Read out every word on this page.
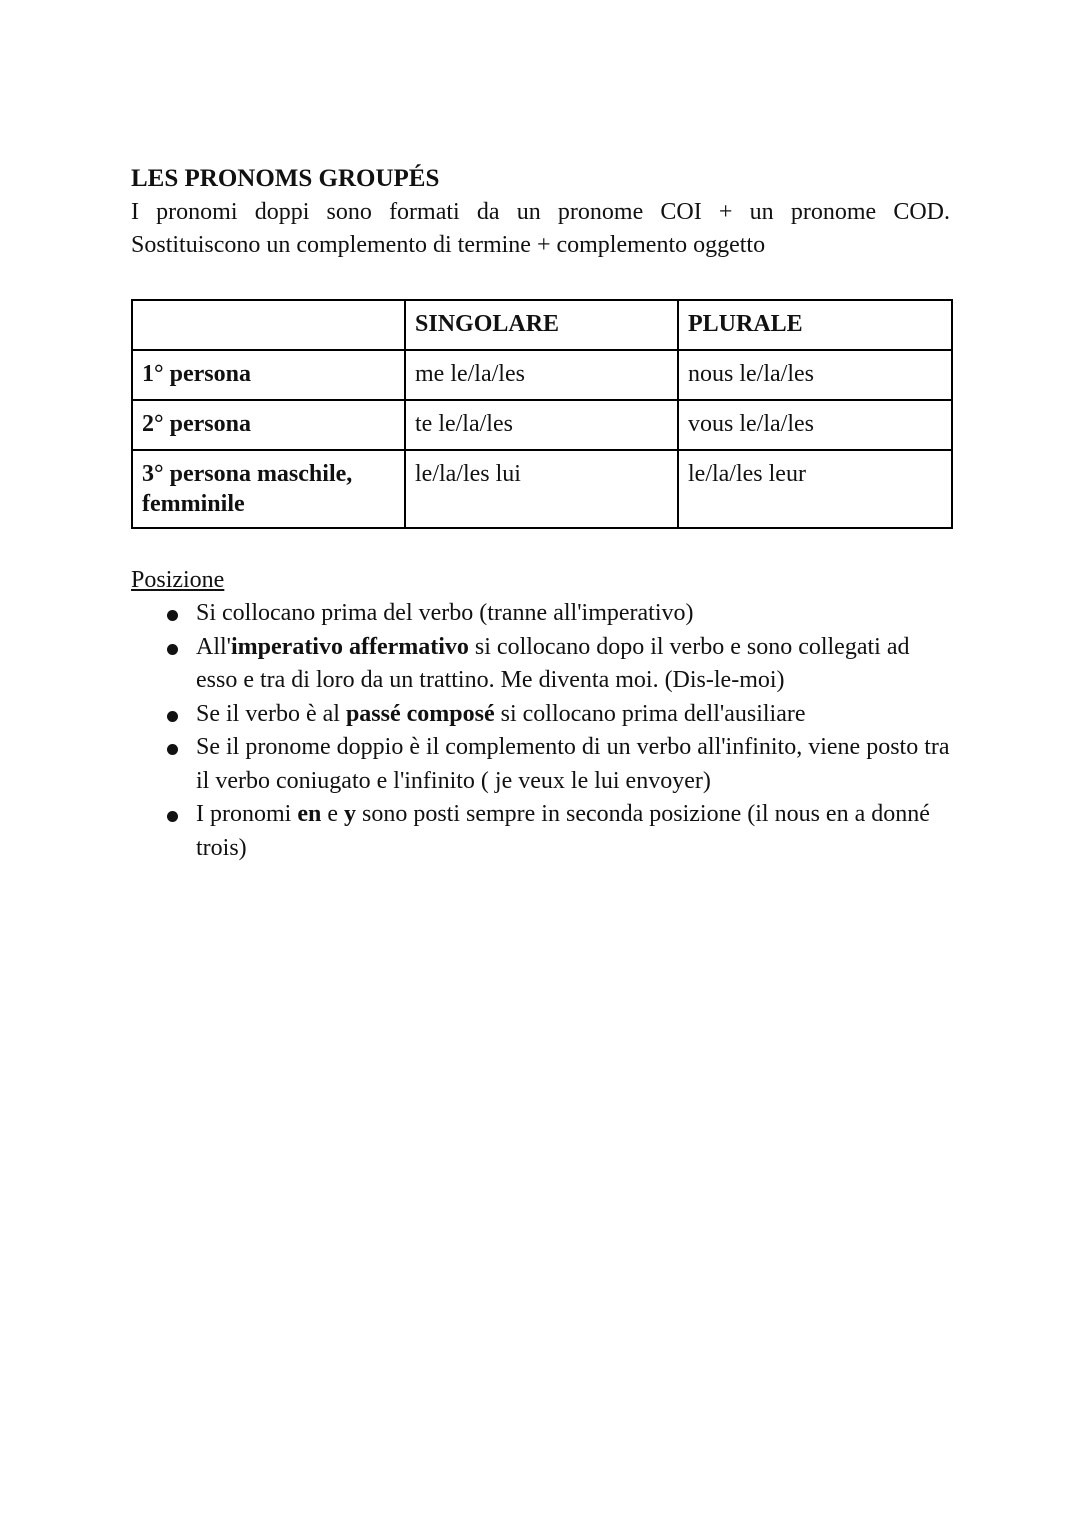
LES PRONOMS GROUPÉS

I pronomi doppi sono formati da un pronome COI + un pronome COD. Sostituiscono un complemento di termine + complemento oggetto

	SINGOLARE	PLURALE
1° persona	me le/la/les	nous le/la/les
2° persona	te le/la/les	vous le/la/les
3° persona maschile, femminile	le/la/les lui	le/la/les leur
Posizione
Si collocano prima del verbo (tranne all'imperativo)
All'imperativo affermativo si collocano dopo il verbo e sono collegati ad esso e tra di loro da un trattino. Me diventa moi. (Dis-le-moi)
Se il verbo è al passé composé si collocano prima dell'ausiliare
Se il pronome doppio è il complemento di un verbo all'infinito, viene posto tra il verbo coniugato e l'infinito ( je veux le lui envoyer)
I pronomi en e y sono posti sempre in seconda posizione (il nous en a donné trois)
